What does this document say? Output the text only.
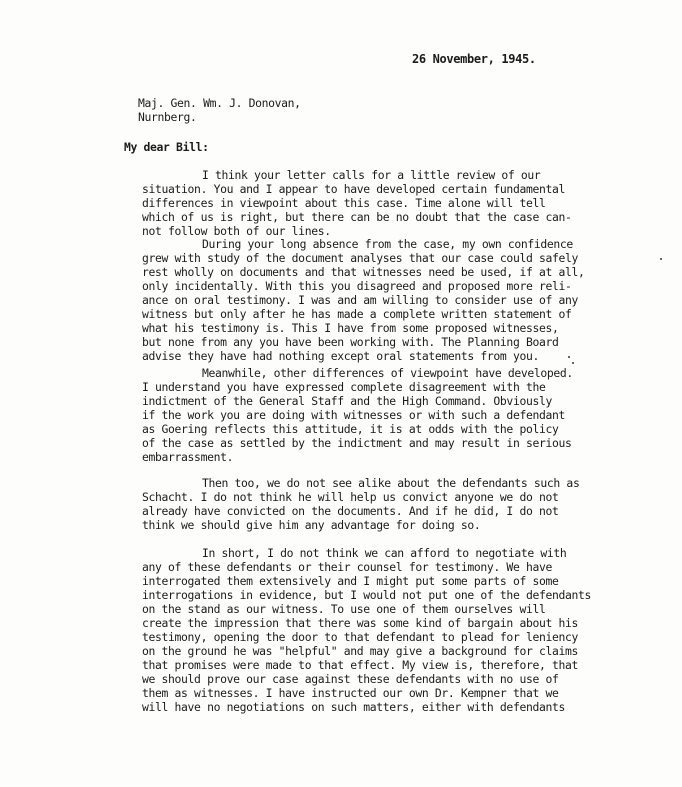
26 November, 1945.
Maj. Gen. Wm. J. Donovan,
Nurnberg.
My dear Bill:
I think your letter calls for a little review of our
situation. You and I appear to have developed certain fundamental
differences in viewpoint about this case. Time alone will tell
which of us is right, but there can be no doubt that the case can-
not follow both of our lines.
During your long absence from the case, my own confidence
grew with study of the document analyses that our case could safely
rest wholly on documents and that witnesses need be used, if at all,
only incidentally. With this you disagreed and proposed more reli-
ance on oral testimony. I was and am willing to consider use of any
witness but only after he has made a complete written statement of
what his testimony is. This I have from some proposed witnesses,
but none from any you have been working with. The Planning Board
advise they have had nothing except oral statements from you.
Meanwhile, other differences of viewpoint have developed.
I understand you have expressed complete disagreement with the
indictment of the General Staff and the High Command. Obviously
if the work you are doing with witnesses or with such a defendant
as Goering reflects this attitude, it is at odds with the policy
of the case as settled by the indictment and may result in serious
embarrassment.
Then too, we do not see alike about the defendants such as
Schacht. I do not think he will help us convict anyone we do not
already have convicted on the documents. And if he did, I do not
think we should give him any advantage for doing so.
In short, I do not think we can afford to negotiate with
any of these defendants or their counsel for testimony. We have
interrogated them extensively and I might put some parts of some
interrogations in evidence, but I would not put one of the defendants
on the stand as our witness. To use one of them ourselves will
create the impression that there was some kind of bargain about his
testimony, opening the door to that defendant to plead for leniency
on the ground he was "helpful" and may give a background for claims
that promises were made to that effect. My view is, therefore, that
we should prove our case against these defendants with no use of
them as witnesses. I have instructed our own Dr. Kempner that we
will have no negotiations on such matters, either with defendants
